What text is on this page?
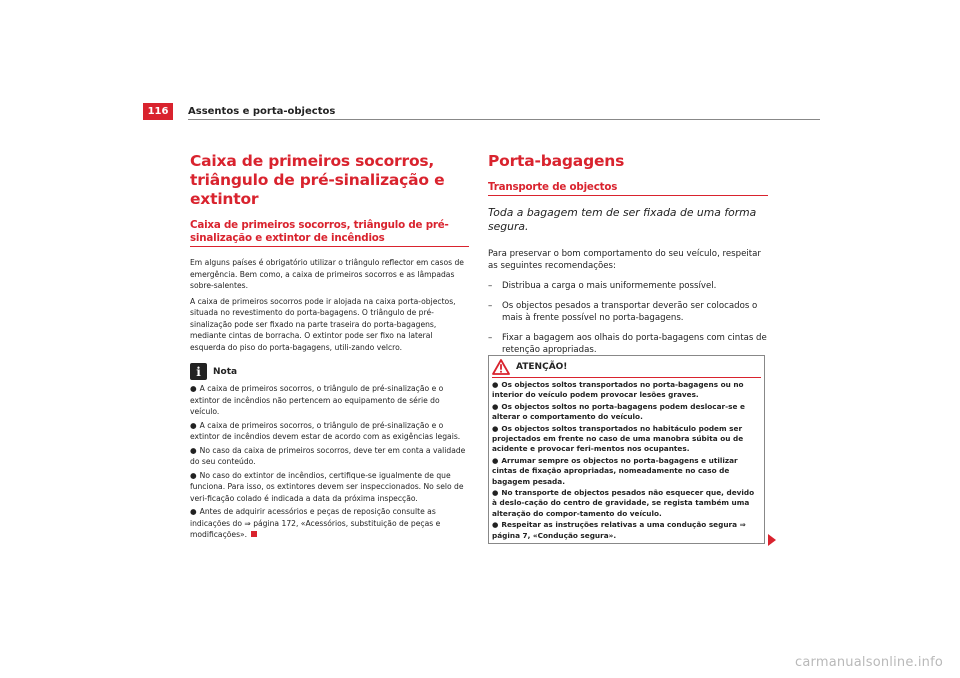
116	Assentos e porta-objectos
Caixa de primeiros socorros, triângulo de pré-sinalização e extintor
Caixa de primeiros socorros, triângulo de pré-sinalização e extintor de incêndios

Em alguns países é obrigatório utilizar o triângulo reflector em casos de emergência. Bem como, a caixa de primeiros socorros e as lâmpadas sobre-salentes.

A caixa de primeiros socorros pode ir alojada na caixa porta-objectos, situada no revestimento do porta-bagagens. O triângulo de pré-sinalização pode ser fixado na parte traseira do porta-bagagens, mediante cintas de borracha. O extintor pode ser fixo na lateral esquerda do piso do porta-bagagens, utili-zando velcro.

i	Nota
● A caixa de primeiros socorros, o triângulo de pré-sinalização e o extintor de incêndios não pertencem ao equipamento de série do veículo.
● A caixa de primeiros socorros, o triângulo de pré-sinalização e o extintor de incêndios devem estar de acordo com as exigências legais.
● No caso da caixa de primeiros socorros, deve ter em conta a validade do seu conteúdo.
● No caso do extintor de incêndios, certifique-se igualmente de que funciona. Para isso, os extintores devem ser inspeccionados. No selo de veri-ficação colado é indicada a data da próxima inspecção.
● Antes de adquirir acessórios e peças de reposição consulte as indicações do ⇒ página 172, «Acessórios, substituição de peças e modificações».
Porta-bagagens
Transporte de objectos

Toda a bagagem tem de ser fixada de uma forma segura.

Para preservar o bom comportamento do seu veículo, respeitar as seguintes recomendações:

– Distribua a carga o mais uniformemente possível.
– Os objectos pesados a transportar deverão ser colocados o mais à frente possível no porta-bagagens.
– Fixar a bagagem aos olhais do porta-bagagens com cintas de retenção apropriadas.
ATENÇÃO!
● Os objectos soltos transportados no porta-bagagens ou no interior do veículo podem provocar lesões graves.
● Os objectos soltos no porta-bagagens podem deslocar-se e alterar o comportamento do veículo.
● Os objectos soltos transportados no habitáculo podem ser projectados em frente no caso de uma manobra súbita ou de acidente e provocar feri-mentos nos ocupantes.
● Arrumar sempre os objectos no porta-bagagens e utilizar cintas de fixação apropriadas, nomeadamente no caso de bagagem pesada.
● No transporte de objectos pesados não esquecer que, devido à deslo-cação do centro de gravidade, se regista também uma alteração do compor-tamento do veículo.
● Respeitar as instruções relativas a uma condução segura ⇒ página 7, «Condução segura».
carmanualsonline.info
